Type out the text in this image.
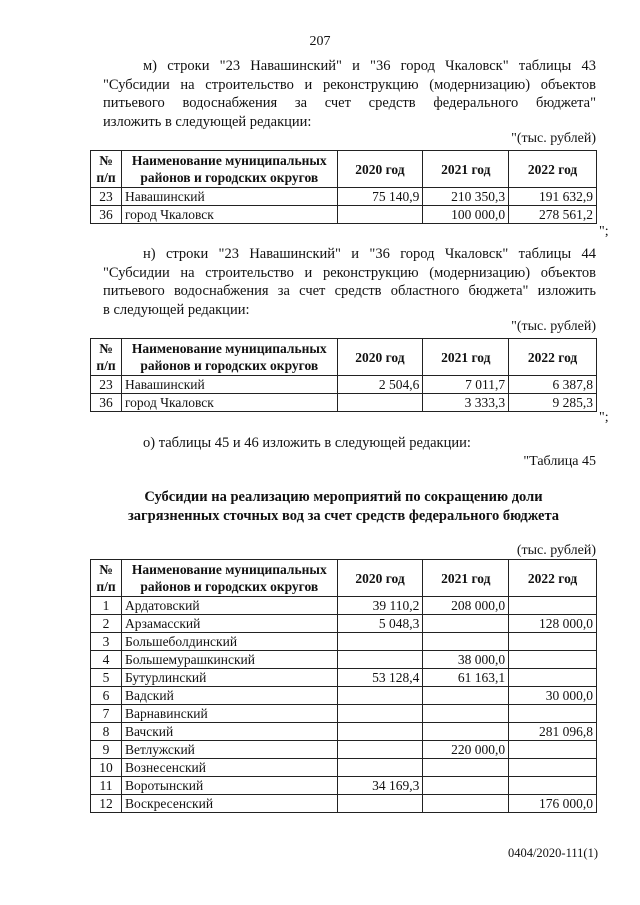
207
м) строки "23 Навашинский" и "36 город Чкаловск" таблицы 43
"Субсидии на строительство и реконструкцию (модернизацию) объектов
питьевого водоснабжения за счет средств федерального бюджета"
изложить в следующей редакции:
"(тыс. рублей)
№ п/п	Наименование муниципальных районов и городских округов	2020 год	2021 год	2022 год
23	Навашинский	75 140,9	210 350,3	191 632,9
36	город Чкаловск		100 000,0	278 561,2
";
н) строки "23 Навашинский" и "36 город Чкаловск" таблицы 44
"Субсидии на строительство и реконструкцию (модернизацию) объектов
питьевого водоснабжения за счет средств областного бюджета" изложить
в следующей редакции:
"(тыс. рублей)
№ п/п	Наименование муниципальных районов и городских округов	2020 год	2021 год	2022 год
23	Навашинский	2 504,6	7 011,7	6 387,8
36	город Чкаловск		3 333,3	9 285,3
";
о) таблицы 45 и 46 изложить в следующей редакции:
"Таблица 45
Субсидии на реализацию мероприятий по сокращению доли
загрязненных сточных вод за счет средств федерального бюджета
(тыс. рублей)
№ п/п	Наименование муниципальных районов и городских округов	2020 год	2021 год	2022 год
1	Ардатовский	39 110,2	208 000,0	
2	Арзамасский	5 048,3		128 000,0
3	Большеболдинский			
4	Большемурашкинский		38 000,0	
5	Бутурлинский	53 128,4	61 163,1	
6	Вадский			30 000,0
7	Варнавинский			
8	Вачский			281 096,8
9	Ветлужский		220 000,0	
10	Вознесенский			
11	Воротынский	34 169,3		
12	Воскресенский			176 000,0
0404/2020-111(1)
